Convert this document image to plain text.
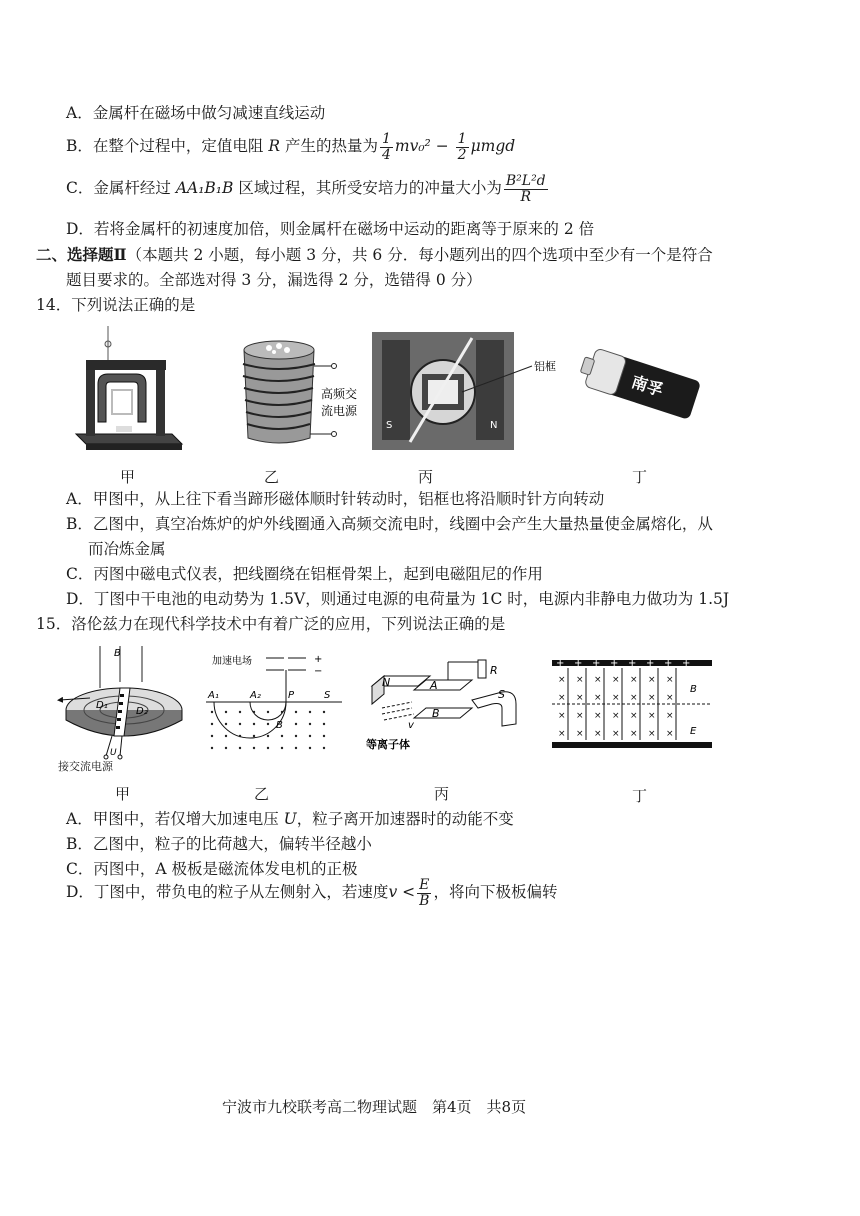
A．金属杆在磁场中做匀减速直线运动
B．在整个过程中，定值电阻 R 产生的热量为 $\frac{1}{4} mv_0^2 - \frac{1}{2}$ μmgd
C．金属杆经过 AA₁B₁B 区域过程，其所受安培力的冲量大小为 $\frac{\text{B²L²d}}{R}$
D．若将金属杆的初速度加倍，则金属杆在磁场中运动的距离等于原来的 2 倍
二、选择题Ⅱ（本题共 2 小题，每小题 3 分，共 6 分．每小题列出的四个选项中至少有一个是符合
题目要求的。全部选对得 3 分，漏选得 2 分，选错得 0 分）
14．下列说法正确的是
高频交
流电源
S	N
铝框
南孚
甲	乙	丙	丁
A．甲图中，从上往下看当蹄形磁体顺时针转动时，铝框也将沿顺时针方向转动
B．乙图中，真空冶炼炉的炉外线圈通入高频交流电时，线圈中会产生大量热量使金属熔化，从
而冶炼金属
C．丙图中磁电式仪表，把线圈绕在铝框骨架上，起到电磁阻尼的作用
D．丁图中干电池的电动势为 1.5V，则通过电源的电荷量为 1C 时，电源内非静电力做功为 1.5J
15．洛伦兹力在现代科学技术中有着广泛的应用，下列说法正确的是
B
D₁
D₂
U
接交流电源
加速电场	+
−
A₁	A₂	P	S
B
N	A
B
S
R
v
等离子体
+ + + + + + + +
× × × × × × ×
× × × × × × ×
× × × × × × ×
× × × × × × ×
B
E
甲	乙	丙	丁
A．甲图中，若仅增大加速电压 U，粒子离开加速器时的动能不变
B．乙图中，粒子的比荷越大，偏转半径越小
C．丙图中，A 极板是磁流体发电机的正极
D．丁图中，带负电的粒子从左侧射入，若速度$v < \frac{E}{B}$ ，将向下极板偏转
宁波市九校联考高二物理试题　第4页　共8页
